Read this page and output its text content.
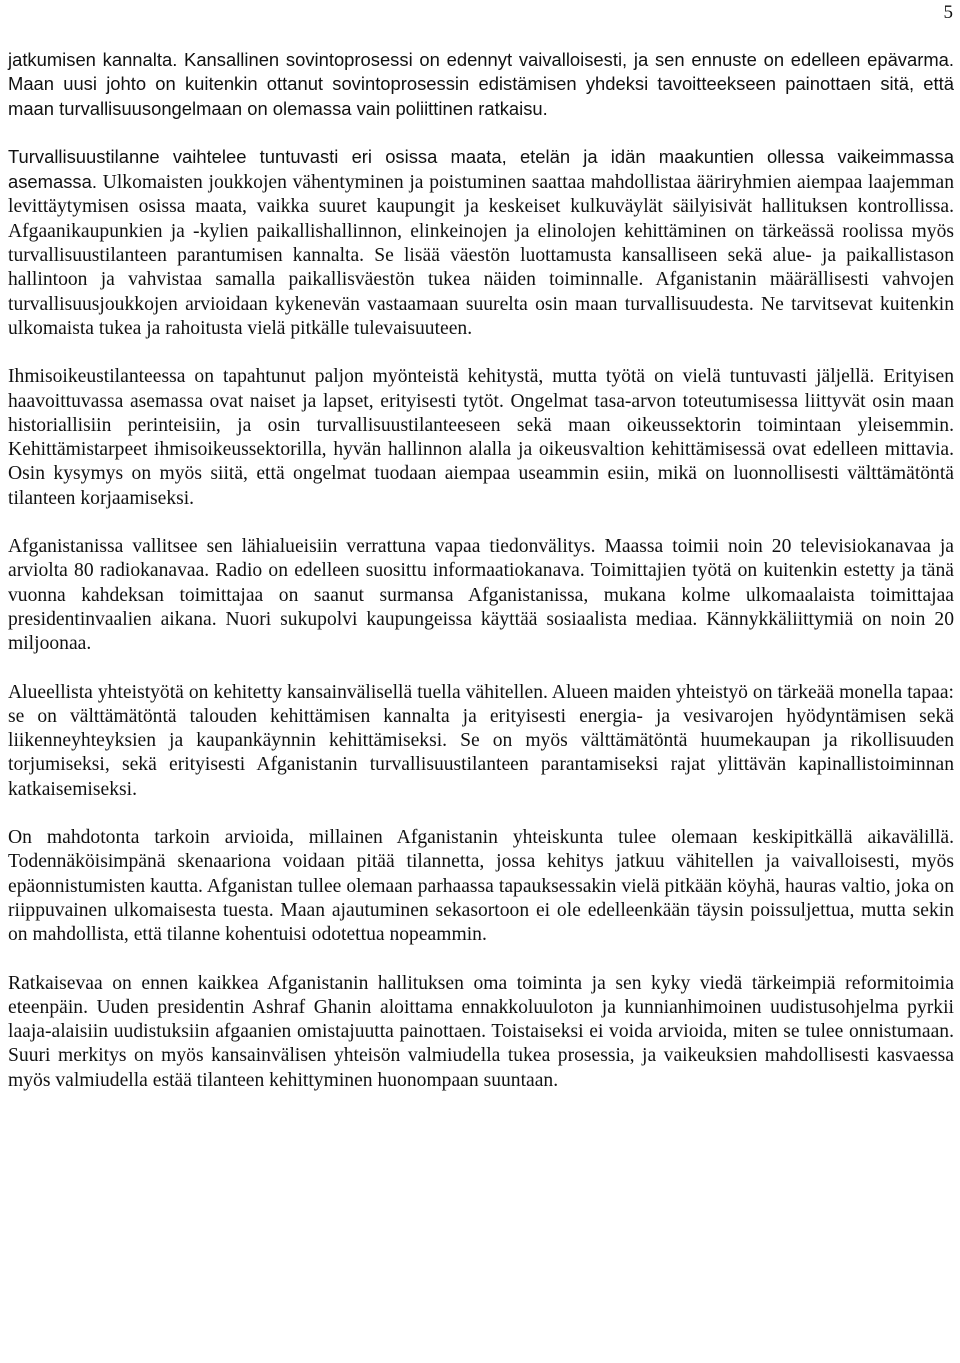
5

jatkumisen kannalta. Kansallinen sovintoprosessi on edennyt vaivalloisesti, ja sen ennuste on edelleen epävarma. Maan uusi johto on kuitenkin ottanut sovintoprosessin edistämisen yhdeksi tavoitteekseen painottaen sitä, että maan turvallisuusongelmaan on olemassa vain poliittinen ratkaisu.

Turvallisuustilanne vaihtelee tuntuvasti eri osissa maata, etelän ja idän maakuntien ollessa vaikeimmassa asemassa. Ulkomaisten joukkojen vähentyminen ja poistuminen saattaa mahdollistaa ääriryhmien aiempaa laajemman levittäytymisen osissa maata, vaikka suuret kaupungit ja keskeiset kulkuväylät säilyisivät hallituksen kontrollissa. Afgaanikaupunkien ja -kylien paikallishallinnon, elinkeinojen ja elinolojen kehittäminen on tärkeässä roolissa myös turvallisuustilanteen parantumisen kannalta. Se lisää väestön luottamusta kansalliseen sekä alue- ja paikallistason hallintoon ja vahvistaa samalla paikallisväestön tukea näiden toiminnalle. Afganistanin määrällisesti vahvojen turvallisuusjoukkojen arvioidaan kykenevän vastaamaan suurelta osin maan turvallisuudesta. Ne tarvitsevat kuitenkin ulkomaista tukea ja rahoitusta vielä pitkälle tulevaisuuteen.

Ihmisoikeustilanteessa on tapahtunut paljon myönteistä kehitystä, mutta työtä on vielä tuntuvasti jäljellä. Erityisen haavoittuvassa asemassa ovat naiset ja lapset, erityisesti tytöt. Ongelmat tasa-arvon toteutumisessa liittyvät osin maan historiallisiin perinteisiin, ja osin turvallisuustilanteeseen sekä maan oikeussektorin toimintaan yleisemmin. Kehittämistarpeet ihmisoikeussektorilla, hyvän hallinnon alalla ja oikeusvaltion kehittämisessä ovat edelleen mittavia. Osin kysymys on myös siitä, että ongelmat tuodaan aiempaa useammin esiin, mikä on luonnollisesti välttämätöntä tilanteen korjaamiseksi.

Afganistanissa vallitsee sen lähialueisiin verrattuna vapaa tiedonvälitys. Maassa toimii noin 20 televisiokanavaa ja arviolta 80 radiokanavaa. Radio on edelleen suosittu informaatiokanava. Toimittajien työtä on kuitenkin estetty ja tänä vuonna kahdeksan toimittajaa on saanut surmansa Afganistanissa, mukana kolme ulkomaalaista toimittajaa presidentinvaalien aikana. Nuori sukupolvi kaupungeissa käyttää sosiaalista mediaa. Kännykkäliittymiä on noin 20 miljoonaa.

Alueellista yhteistyötä on kehitetty kansainvälisellä tuella vähitellen. Alueen maiden yhteistyö on tärkeää monella tapaa: se on välttämätöntä talouden kehittämisen kannalta ja erityisesti energia- ja vesivarojen hyödyntämisen sekä liikenneyhteyksien ja kaupankäynnin kehittämiseksi. Se on myös välttämätöntä huumekaupan ja rikollisuuden torjumiseksi, sekä erityisesti Afganistanin turvallisuustilanteen parantamiseksi rajat ylittävän kapinallistoiminnan katkaisemiseksi.

On mahdotonta tarkoin arvioida, millainen Afganistanin yhteiskunta tulee olemaan keskipitkällä aikavälillä. Todennäköisimpänä skenaariona voidaan pitää tilannetta, jossa kehitys jatkuu vähitellen ja vaivalloisesti, myös epäonnistumisten kautta. Afganistan tullee olemaan parhaassa tapauksessakin vielä pitkään köyhä, hauras valtio, joka on riippuvainen ulkomaisesta tuesta. Maan ajautuminen sekasortoon ei ole edelleenkään täysin poissuljettua, mutta sekin on mahdollista, että tilanne kohentuisi odotettua nopeammin.

Ratkaisevaa on ennen kaikkea Afganistanin hallituksen oma toiminta ja sen kyky viedä tärkeimpiä reformitoimia eteenpäin. Uuden presidentin Ashraf Ghanin aloittama ennakkoluuloton ja kunnianhimoinen uudistusohjelma pyrkii laaja-alaisiin uudistuksiin afgaanien omistajuutta painottaen. Toistaiseksi ei voida arvioida, miten se tulee onnistumaan. Suuri merkitys on myös kansainvälisen yhteisön valmiudella tukea prosessia, ja vaikeuksien mahdollisesti kasvaessa myös valmiudella estää tilanteen kehittyminen huonompaan suuntaan.
